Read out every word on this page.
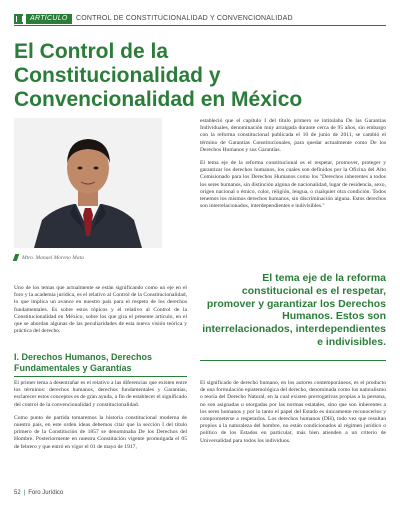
ARTÍCULO	CONTROL DE CONSTITUCIONALIDAD Y CONVENCIONALIDAD
El Control de la
Constitucionalidad y
Convencionalidad en México
Mtro. Manuel Moreno Mata

Uno de los temas que actualmente se están significando como un eje en el foro y la academia jurídica, es el relativo al Control de la Constitucionalidad, lo que implica un avance en nuestro país para el respeto de los derechos fundamentales. Es sobre estos tópicos y el relativo al Control de la Constitucionalidad en México, sobre los que gira el presente artículo, en el que se abordan algunas de las peculiaridades de esta nueva visión teórica y práctica del derecho.

I. Derechos Humanos, Derechos Fundamentales y Garantías

El primer tema a desentrañar es el relativo a las diferencias que existen entre los términos: derechos humanos, derechos fundamentales y Garantías, esclarecer estos conceptos es de gran ayuda, a fin de establecer el significado del control de la convencionalidad y constitucionalidad.

Como punto de partida tomaremos la historia constitucional moderna de nuestro país, en este orden ideas debemos citar que la sección I del título primero de la Constitución de 1857 se denominaba De los Derechos del Hombre. Posteriormente en nuestra Constitución vigente promulgada el 05 de febrero y que entró en vigor el 01 de mayo de 1917,

estableció que el capítulo I del título primero se intitulaba De las Garantías Individuales, denominación muy arraigada durante cerca de 95 años, sin embargo con la reforma constitucional publicada el 10 de junio de 2011, se cambió el término de Garantías Constitucionales, para quedar actualmente como De los Derechos Humanos y sus Garantías.

El tema eje de la reforma constitucional es el respetar, promover, proteger y garantizar los derechos humanos, los cuales son definidos por la Oficina del Alto Comisionado para los Derechos Humanos como los "Derechos inherentes a todos los seres humanos, sin distinción alguna de nacionalidad, lugar de residencia, sexo, origen nacional o étnico, color, religión, lengua, o cualquier otra condición. Todos tenemos los mismos derechos humanos, sin discriminación alguna. Estos derechos son interrelacionados, interdependientes e indivisibles."

El tema eje de la reforma constitucional es el respetar, promover y garantizar los Derechos Humanos. Estos son interrelacionados, interdependientes e indivisibles.

El significado de derecho humano, en los autores contemporáneos, es el producto de una formulación epistemológica del derecho, denominada como lus naturalismo o teoría del Derecho Natural, en la cual existen prerrogativas propias a la persona, no son asignadas u otorgadas por las normas estatales, sino que son inherentes a los seres humanos y por lo tanto el papel del Estado es únicamente reconocerlos y comprometerse a respetarlos. Los derechos humanos (DH), todo vez que resultan propios a la naturaleza del hombre, no están condicionados al régimen jurídico o político de los Estados en particular, más bien atienden a un criterio de Universalidad para todos los individuos.

52 | Foro Jurídico
